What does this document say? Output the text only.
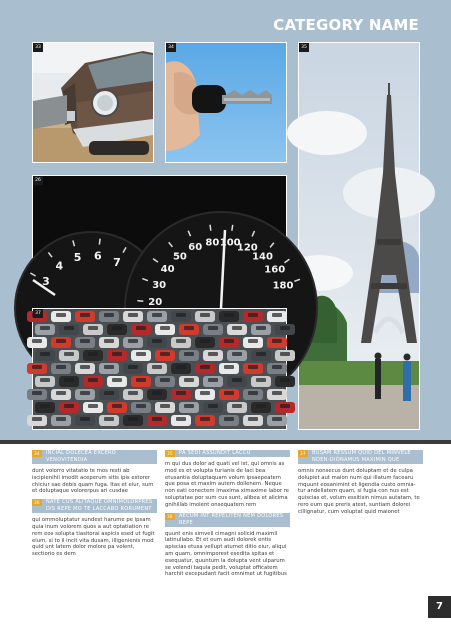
CATEGORY NAME
33	34	35
3
4
5 6
7
20
30
40
50
60 80 100
120
140
160
180
26
37
34	INCIAL DOLECEA EXCERO VENOVITENDIA

dunt volorro vitatatio te mos resti ab iscipienihil imodit aceperum sitis ipis estorer chiciur sae debis quam fuga. Itas et eiur, sum et doluptaque volorerpus ari cusdae

36	NATE CUS ALITAQUE OMNIMOLORPRES DIS REPE MO TE LACCABO RORUMENT

qui ommoluptatur sundest harume pe ipsam quia inum volorem quos a aut optatiation re rem eos solupta tiasitorai aspicis esed ut fugit eium, si to il incit vita dusam, illigenienis mod quid unt latem dolor molore pa volent, sectiorio es dem

35	PA SEDI ASSUNDIT LACCU

m qui dus dolor ad quati vel ist, qui omnis as mod es et volupta turianis de laci bea etusantia doluptaquam volum ipsaepeatem que posa et maxim autem dollenem. Neque non eati conectem imaxima ximaxime labor re soluptatae por sum cus sunt, alibea et alicima gnihillab imolent onsequatem rem

38	AECUM INT REPELITEN NEM DOLORES REPE

quunt enis simvell cimagni solicid maximil latinullabo. Et et eum audi dolorek entis apiscias etusa vellupt atumet ditio eiur, aliqui am quam, omnimporest esedita spitas et esequatur, quuntum la dolupta vent ulparum se volendi taquia pedit, voluptat officatem harchit excepudant facit omnimet ut fugitibus

37	BUSAM RESSUM QUID DEL MINVELE NDEN-DIONAMUS MAXIMIN QUE

omnis nonsecus dunt doluptam et de culpa dolupiet aut maion num qui illatum facearu mquunt eosanimint et ligendia custo omnia-tur andellatem quam, si fugia con nus est quiscias et, volum essitisin nimus autatam, te rero eum que preris atest, suntiam dolorei cillignatur, cum voluptat quid maionet

7
